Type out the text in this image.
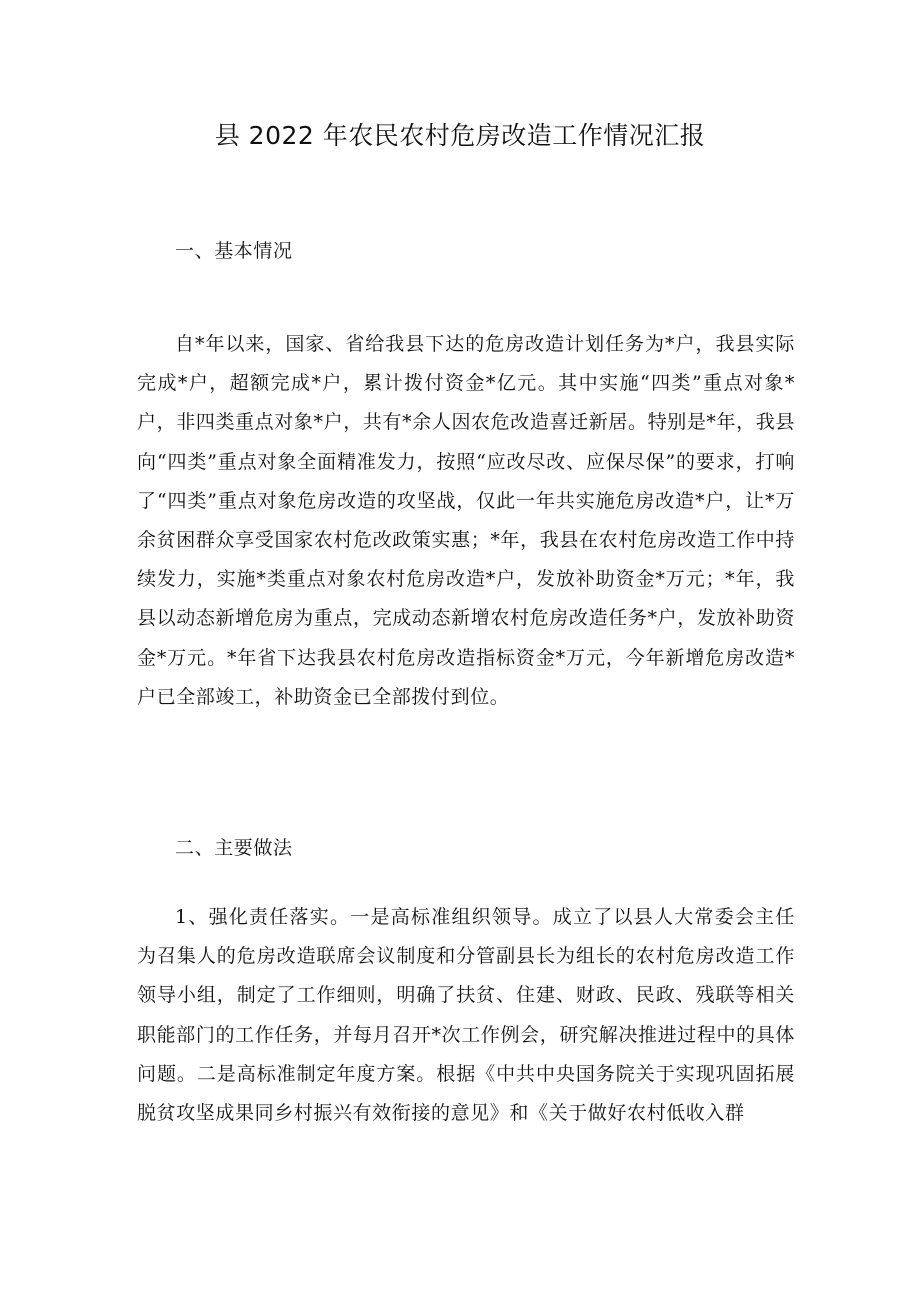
县 2022 年农民农村危房改造工作情况汇报

一、基本情况

自*年以来，国家、省给我县下达的危房改造计划任务为*户，我县实际完成*户，超额完成*户，累计拨付资金*亿元。其中实施“四类”重点对象*户，非四类重点对象*户，共有*余人因农危改造喜迁新居。特别是*年，我县向“四类”重点对象全面精准发力，按照“应改尽改、应保尽保”的要求，打响了“四类”重点对象危房改造的攻坚战，仅此一年共实施危房改造*户，让*万余贫困群众享受国家农村危改政策实惠；*年，我县在农村危房改造工作中持续发力，实施*类重点对象农村危房改造*户，发放补助资金*万元；*年，我县以动态新增危房为重点，完成动态新增农村危房改造任务*户，发放补助资金*万元。*年省下达我县农村危房改造指标资金*万元，今年新增危房改造*户已全部竣工，补助资金已全部拨付到位。

二、主要做法

1、强化责任落实。一是高标准组织领导。成立了以县人大常委会主任为召集人的危房改造联席会议制度和分管副县长为组长的农村危房改造工作领导小组，制定了工作细则，明确了扶贫、住建、财政、民政、残联等相关职能部门的工作任务，并每月召开*次工作例会，研究解决推进过程中的具体问题。二是高标准制定年度方案。根据《中共中央国务院关于实现巩固拓展脱贫攻坚成果同乡村振兴有效衔接的意见》和《关于做好农村低收入群
